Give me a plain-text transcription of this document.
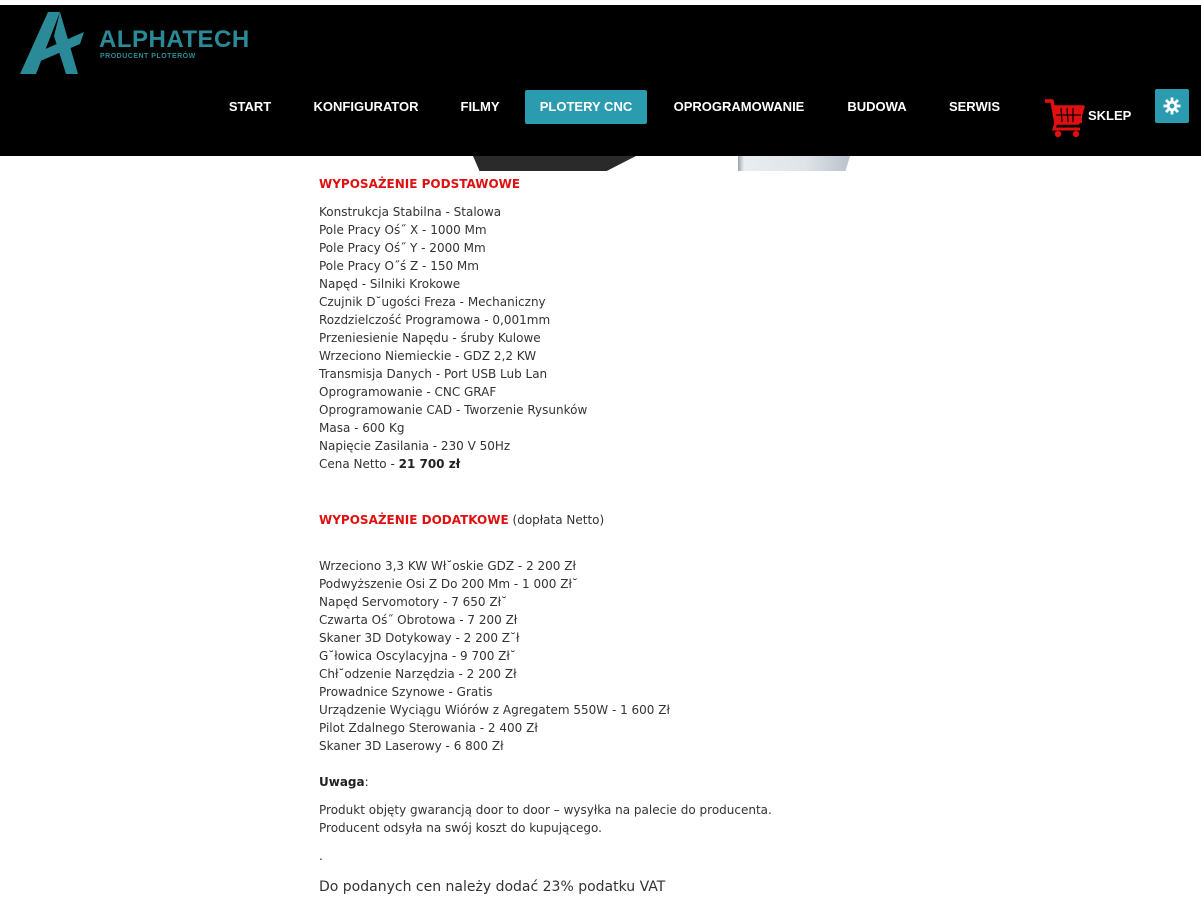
ALPHATECH
PRODUCENT PLOTERÓW
START	KONFIGURATOR	FILMY	PLOTERY CNC	OPROGRAMOWANIE	BUDOWA	SERWIS
SKLEP
WYPOSAŻENIE PODSTAWOWE
Konstrukcja Stabilna - Stalowa
Pole Pracy Oś˝ X - 1000 Mm
Pole Pracy Oś˝ Y - 2000 Mm
Pole Pracy O˝ś Z - 150 Mm
Napęd - Silniki Krokowe
Czujnik D˘ugości Freza - Mechaniczny
Rozdzielczość Programowa - 0,001mm
Przeniesienie Napędu - śruby Kulowe
Wrzeciono Niemieckie - GDZ 2,2 KW
Transmisja Danych - Port USB Lub Lan
Oprogramowanie - CNC GRAF
Oprogramowanie CAD - Tworzenie Rysunków
Masa - 600 Kg
Napięcie Zasilania - 230 V 50Hz
Cena Netto - 21 700 zł
WYPOSAŻENIE DODATKOWE (dopłata Netto)
Wrzeciono 3,3 KW Wł˘oskie GDZ - 2 200 Zł
Podwyższenie Osi Z Do 200 Mm - 1 000 Zł˘
Napęd Servomotory - 7 650 Zł˘
Czwarta Oś˝ Obrotowa - 7 200 Zł
Skaner 3D Dotykoway - 2 200 Z˘ł
G˘łowica Oscylacyjna - 9 700 Zł˘
Chł˘odzenie Narzędzia - 2 200 Zł
Prowadnice Szynowe - Gratis
Urządzenie Wyciągu Wiórów z Agregatem 550W - 1 600 Zł
Pilot Zdalnego Sterowania - 2 400 Zł
Skaner 3D Laserowy - 6 800 Zł
Uwaga:
Produkt objęty gwarancją door to door – wysyłka na palecie do producenta.
Producent odsyła na swój koszt do kupującego.
.
Do podanych cen należy dodać 23% podatku VAT
